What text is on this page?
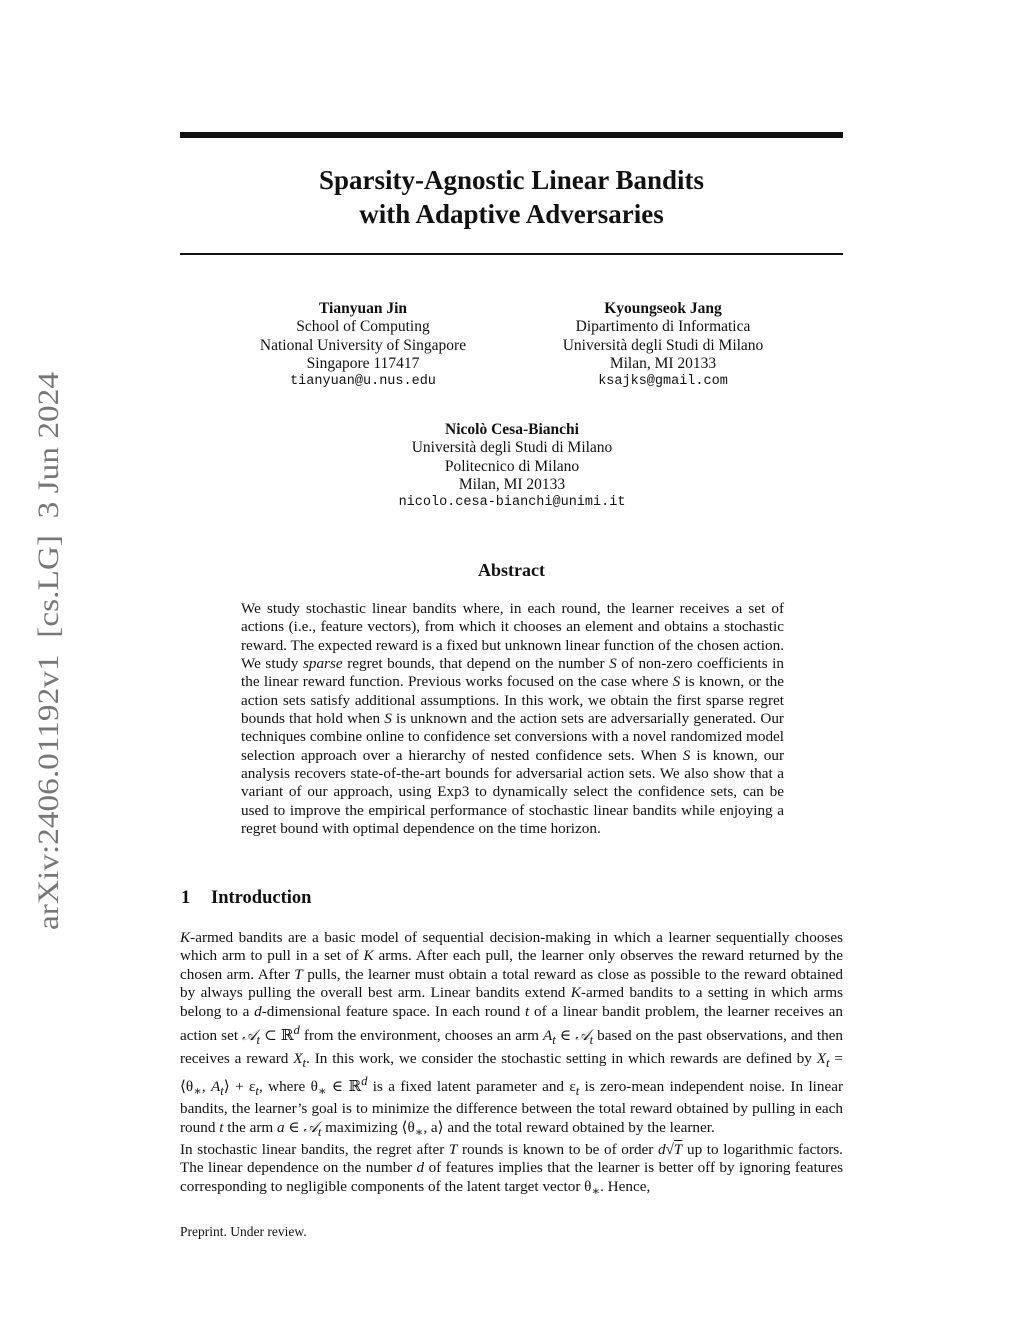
arXiv:2406.01192v1  [cs.LG]  3 Jun 2024
Sparsity-Agnostic Linear Bandits
with Adaptive Adversaries
Tianyuan Jin
School of Computing
National University of Singapore
Singapore 117417
tianyuan@u.nus.edu
Kyoungseok Jang
Dipartimento di Informatica
Università degli Studi di Milano
Milan, MI 20133
ksajks@gmail.com
Nicolò Cesa-Bianchi
Università degli Studi di Milano
Politecnico di Milano
Milan, MI 20133
nicolo.cesa-bianchi@unimi.it
Abstract
We study stochastic linear bandits where, in each round, the learner receives a set of actions (i.e., feature vectors), from which it chooses an element and obtains a stochastic reward. The expected reward is a fixed but unknown linear function of the chosen action. We study sparse regret bounds, that depend on the number S of non-zero coefficients in the linear reward function. Previous works focused on the case where S is known, or the action sets satisfy additional assumptions. In this work, we obtain the first sparse regret bounds that hold when S is unknown and the action sets are adversarially generated. Our techniques combine online to confidence set conversions with a novel randomized model selection approach over a hierarchy of nested confidence sets. When S is known, our analysis recovers state-of-the-art bounds for adversarial action sets. We also show that a variant of our approach, using Exp3 to dynamically select the confidence sets, can be used to improve the empirical performance of stochastic linear bandits while enjoying a regret bound with optimal dependence on the time horizon.
1 Introduction
K-armed bandits are a basic model of sequential decision-making in which a learner sequentially chooses which arm to pull in a set of K arms. After each pull, the learner only observes the reward returned by the chosen arm. After T pulls, the learner must obtain a total reward as close as possible to the reward obtained by always pulling the overall best arm. Linear bandits extend K-armed bandits to a setting in which arms belong to a d-dimensional feature space. In each round t of a linear bandit problem, the learner receives an action set 𝒜$_t$ ⊂ ℝ$^d$ from the environment, chooses an arm $A_t$ ∈ 𝒜$_t$ based on the past observations, and then receives a reward $X_t$. In this work, we consider the stochastic setting in which rewards are defined by $X_t$ = $⟨\theta_∗$, $A_t⟩ + \varepsilon_t$, where $\theta_∗$ ∈ ℝ$^d$ is a fixed latent parameter and $\varepsilon_t$ is zero-mean independent noise. In linear bandits, the learner’s goal is to minimize the difference between the total reward obtained by pulling in each round t the arm a ∈ 𝒜$_t$ maximizing $⟨\theta_∗$, a⟩ and the total reward obtained by the learner.
In stochastic linear bandits, the regret after T rounds is known to be of order d√T up to logarithmic factors. The linear dependence on the number d of features implies that the learner is better off by ignoring features corresponding to negligible components of the latent target vector $\theta_∗$. Hence,
Preprint. Under review.
